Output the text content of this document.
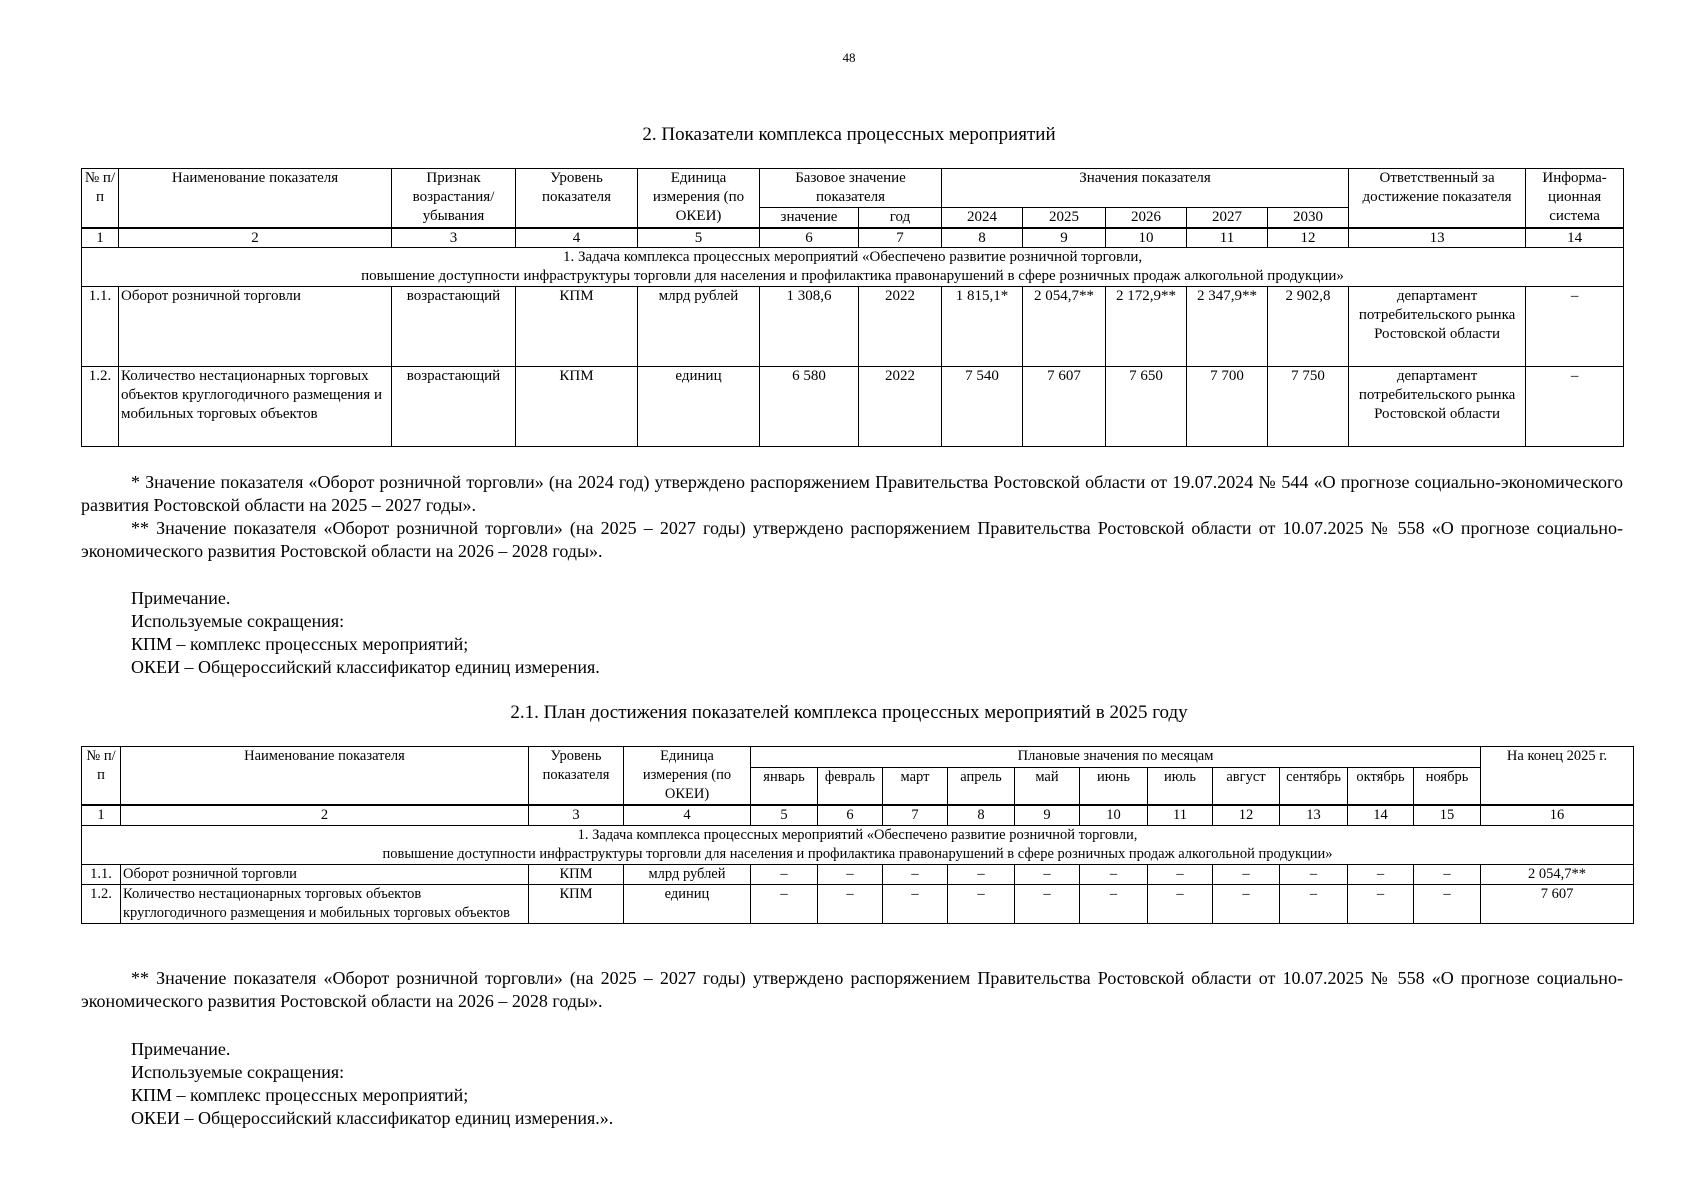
48
2. Показатели комплекса процессных мероприятий
№ п/п	Наименование показателя	Признак возрастания/ убывания	Уровень показателя	Единица измерения (по ОКЕИ)	Базовое значение показателя		Значения показателя					Ответственный за достижение показателя	Информа-ционная система

					значение	год	2024	2025	2026	2027	2030		
1	2	3	4	5	6	7	8	9	10	11	12	13	14

1. Задача комплекса процессных мероприятий «Обеспечено развитие розничной торговли,
повышение доступности инфраструктуры торговли для населения и профилактика правонарушений в сфере розничных продаж алкогольной продукции»													

1.1.	Оборот розничной торговли	возрастающий	КПМ	млрд рублей	1 308,6	2022	1 815,1*	2 054,7**	2 172,9**	2 347,9**	2 902,8	департамент потребительского рынка Ростовской области	–
1.2.	Количество нестационарных торговых объектов круглогодичного размещения и мобильных торговых объектов	возрастающий	КПМ	единиц	6 580	2022	7 540	7 607	7 650	7 700	7 750	департамент потребительского рынка Ростовской области	–
* Значение показателя «Оборот розничной торговли» (на 2024 год) утверждено распоряжением Правительства Ростовской области от 19.07.2024 № 544 «О прогнозе социально-экономического развития Ростовской области на 2025 – 2027 годы».
** Значение показателя «Оборот розничной торговли» (на 2025 – 2027 годы) утверждено распоряжением Правительства Ростовской области от 10.07.2025 № 558 «О прогнозе социально-экономического развития Ростовской области на 2026 – 2028 годы».
Примечание.
Используемые сокращения:
КПМ – комплекс процессных мероприятий;
ОКЕИ – Общероссийский классификатор единиц измерения.
2.1. План достижения показателей комплекса процессных мероприятий в 2025 году
№ п/п	Наименование показателя	Уровень показателя	Единица измерения (по ОКЕИ)	Плановые значения по месяцам											На конец 2025 г.
				январь	февраль	март	апрель	май	июнь	июль	август	сентябрь	октябрь	ноябрь	
1	2	3	4	5	6	7	8	9	10	11	12	13	14	15	16

1. Задача комплекса процессных мероприятий «Обеспечено развитие розничной торговли,
повышение доступности инфраструктуры торговли для населения и профилактика правонарушений в сфере розничных продаж алкогольной продукции»															

1.1.	Оборот розничной торговли	КПМ	млрд рублей	–	–	–	–	–	–	–	–	–	–	–	2 054,7**
1.2.	Количество нестационарных торговых объектов круглогодичного размещения и мобильных торговых объектов	КПМ	единиц	–	–	–	–	–	–	–	–	–	–	–	7 607
** Значение показателя «Оборот розничной торговли» (на 2025 – 2027 годы) утверждено распоряжением Правительства Ростовской области от 10.07.2025 № 558 «О прогнозе социально-экономического развития Ростовской области на 2026 – 2028 годы».
Примечание.
Используемые сокращения:
КПМ – комплекс процессных мероприятий;
ОКЕИ – Общероссийский классификатор единиц измерения.».
